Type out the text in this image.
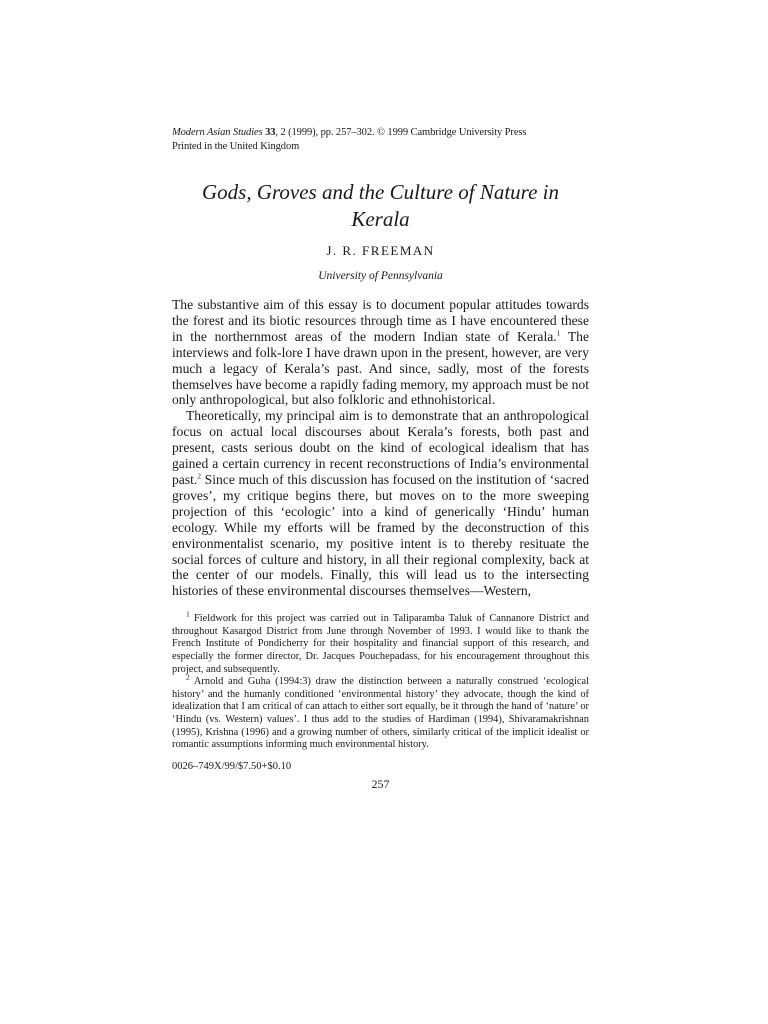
Modern Asian Studies 33, 2 (1999), pp. 257–302. © 1999 Cambridge University Press
Printed in the United Kingdom
Gods, Groves and the Culture of Nature in Kerala
J. R. FREEMAN
University of Pennsylvania

The substantive aim of this essay is to document popular attitudes towards the forest and its biotic resources through time as I have encountered these in the northernmost areas of the modern Indian state of Kerala.$^1$ The interviews and folk-lore I have drawn upon in the present, however, are very much a legacy of Kerala’s past. And since, sadly, most of the forests themselves have become a rapidly fading memory, my approach must be not only anthropological, but also folkloric and ethnohistorical.

Theoretically, my principal aim is to demonstrate that an anthropological focus on actual local discourses about Kerala’s forests, both past and present, casts serious doubt on the kind of ecological idealism that has gained a certain currency in recent reconstructions of India’s environmental past.$^2$ Since much of this discussion has focused on the institution of ‘sacred groves’, my critique begins there, but moves on to the more sweeping projection of this ‘ecologic’ into a kind of generically ‘Hindu’ human ecology. While my efforts will be framed by the deconstruction of this environmentalist scenario, my positive intent is to thereby resituate the social forces of culture and history, in all their regional complexity, back at the center of our models. Finally, this will lead us to the intersecting histories of these environmental discourses themselves—Western,

$^1$ Fieldwork for this project was carried out in Taliparamba Taluk of Cannanore District and throughout Kasargod District from June through November of 1993. I would like to thank the French Institute of Pondicherry for their hospitality and financial support of this research, and especially the former director, Dr. Jacques Pouchepadass, for his encouragement throughout this project, and subsequently.

$^2$ Arnold and Guha (1994:3) draw the distinction between a naturally construed ‘ecological history’ and the humanly conditioned ‘environmental history’ they advocate, though the kind of idealization that I am critical of can attach to either sort equally, be it through the hand of ‘nature’ or ‘Hindu (vs. Western) values’. I thus add to the studies of Hardiman (1994), Shivaramakrishnan (1995), Krishna (1996) and a growing number of others, similarly critical of the implicit idealist or romantic assumptions informing much environmental history.

0026–749X/99/$7.50+$0.10
257
